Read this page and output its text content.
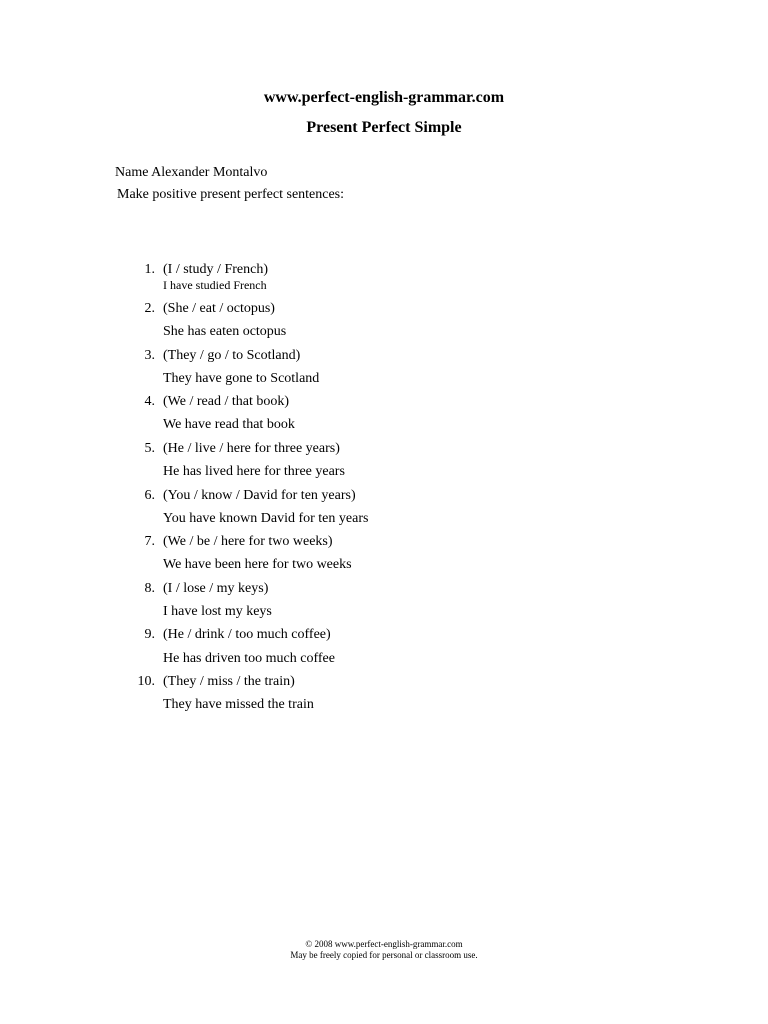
www.perfect-english-grammar.com
Present Perfect Simple
Name Alexander Montalvo
Make positive present perfect sentences:
1. (I / study / French)
I have studied French
2. (She / eat / octopus)
She has eaten octopus
3. (They / go / to Scotland)
They have gone to Scotland
4. (We / read / that book)
We have read that book
5. (He / live / here for three years)
He has lived here for three years
6. (You / know / David for ten years)
You have known David for ten years
7. (We / be / here for two weeks)
We have been here for two weeks
8. (I / lose / my keys)
I have lost my keys
9. (He / drink / too much coffee)
He has driven too much coffee
10. (They / miss / the train)
They have missed the train
© 2008 www.perfect-english-grammar.com
May be freely copied for personal or classroom use.
